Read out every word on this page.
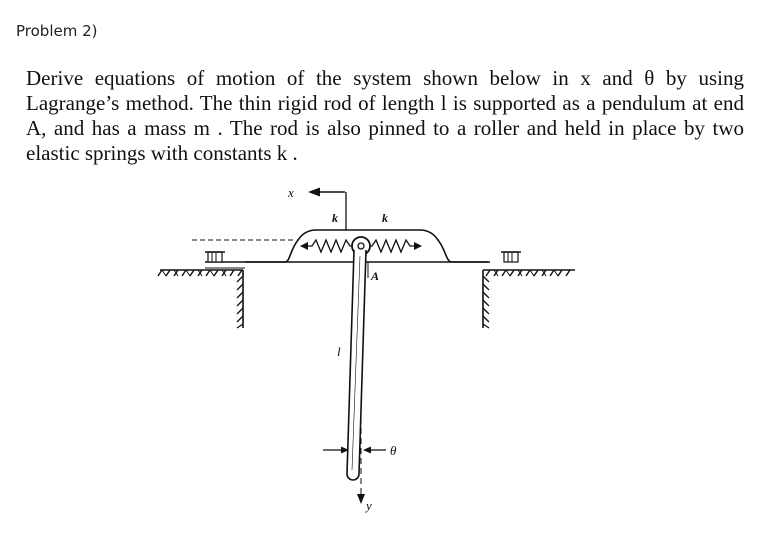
Problem 2)
Derive equations of motion of the system shown below in x and θ by using
Lagrange’s method. The thin rigid rod of length l is supported as a pendulum at end
A, and has a mass m . The rod is also pinned to a roller and held in place by two
elastic springs with constants k .
x
k	k
A
y
l
θ
